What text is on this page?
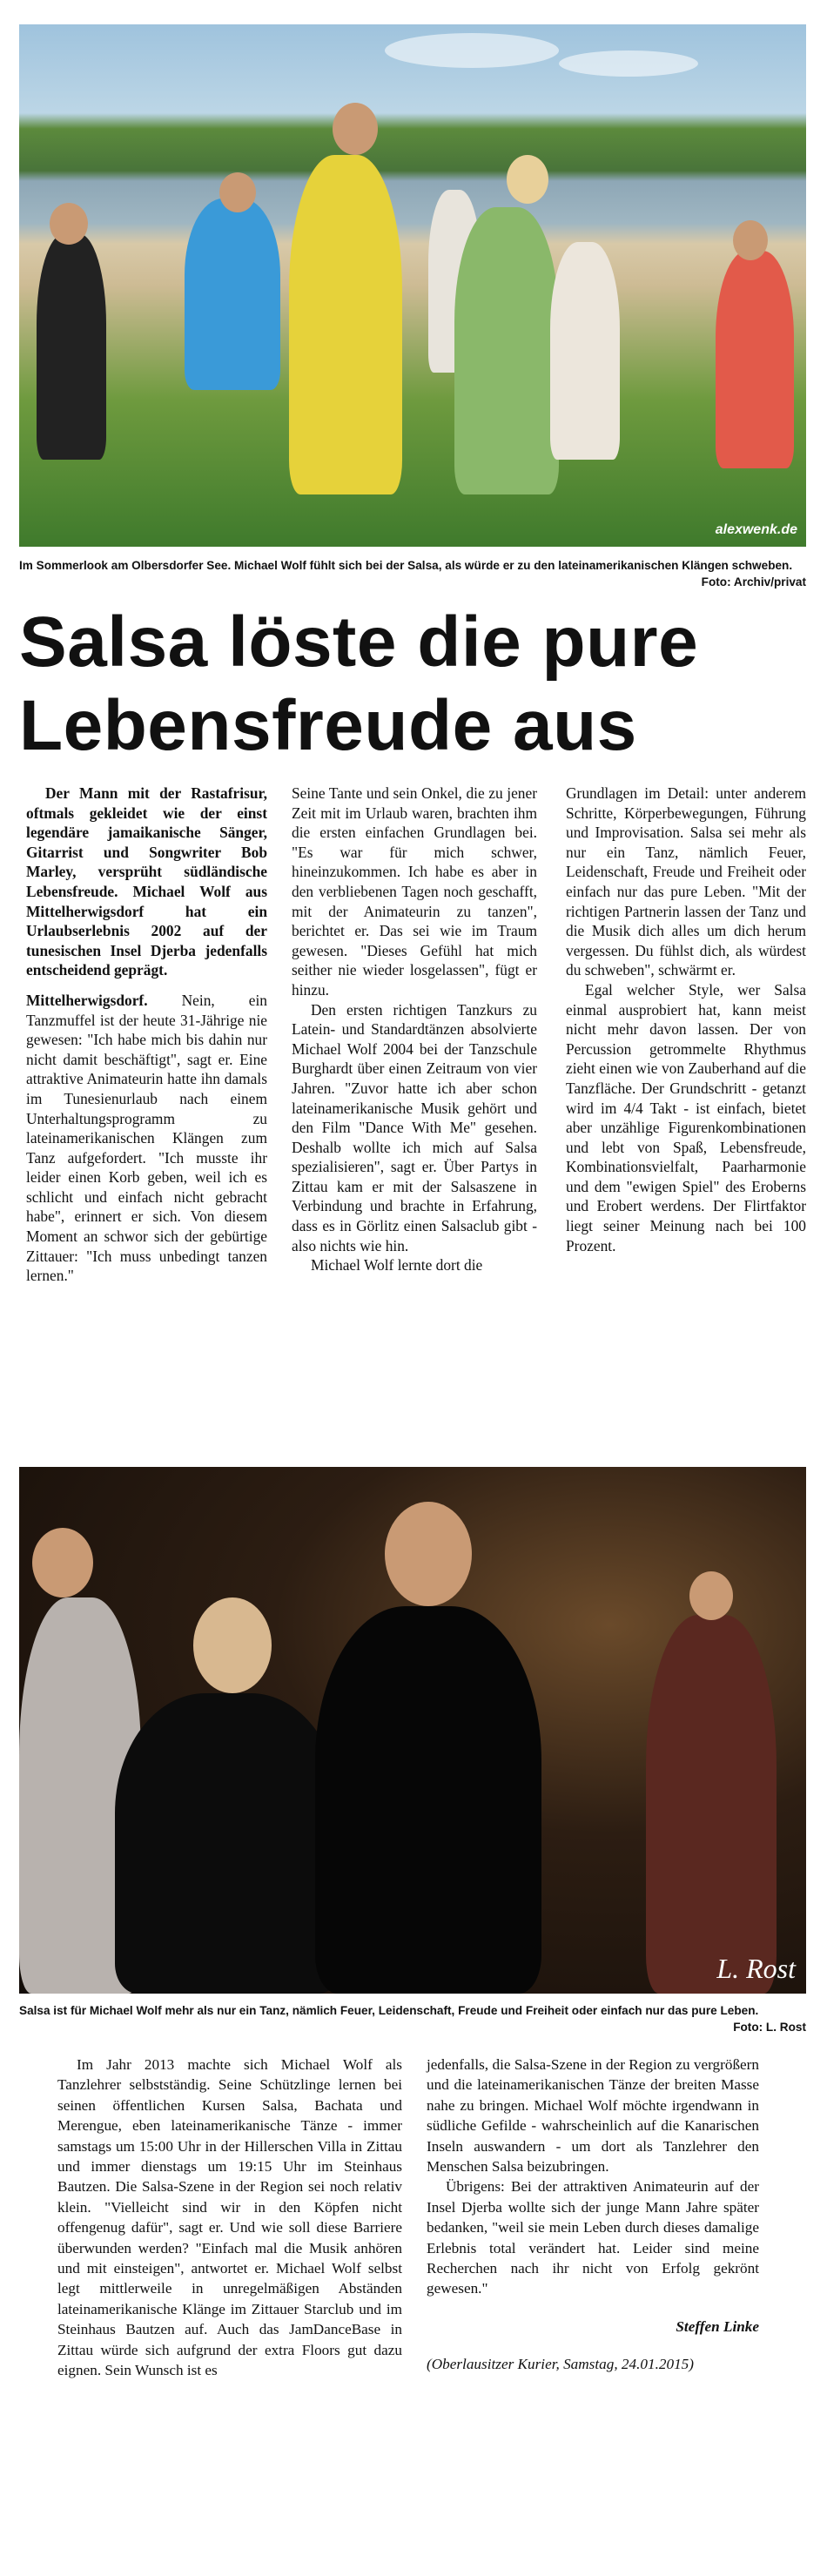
alexwenk.de
Im Sommerlook am Olbersdorfer See. Michael Wolf fühlt sich bei der Salsa, als würde er zu den lateinamerikanischen Klängen schweben.
Foto: Archiv/privat
Salsa löste die pure Lebensfreude aus

Der Mann mit der Rastafrisur, oftmals gekleidet wie der einst legendäre jamaikanische Sänger, Gitarrist und Songwriter Bob Marley, versprüht südländische Lebensfreude. Michael Wolf aus Mittelherwigsdorf hat ein Urlaubserlebnis 2002 auf der tunesischen Insel Djerba jedenfalls entscheidend geprägt.

Mittelherwigsdorf. Nein, ein Tanzmuffel ist der heute 31-Jährige nie gewesen: "Ich habe mich bis dahin nur nicht damit beschäftigt", sagt er. Eine attraktive Animateurin hatte ihn damals im Tunesienurlaub nach einem Unterhaltungsprogramm zu lateinamerikanischen Klängen zum Tanz aufgefordert. "Ich musste ihr leider einen Korb geben, weil ich es schlicht und einfach nicht gebracht habe", erinnert er sich. Von diesem Moment an schwor sich der gebürtige Zittauer: "Ich muss unbedingt tanzen lernen."

Seine Tante und sein Onkel, die zu jener Zeit mit im Urlaub waren, brachten ihm die ersten einfachen Grundlagen bei. "Es war für mich schwer, hineinzukommen. Ich habe es aber in den verbliebenen Tagen noch geschafft, mit der Animateurin zu tanzen", berichtet er. Das sei wie im Traum gewesen. "Dieses Gefühl hat mich seither nie wieder losgelassen", fügt er hinzu.

Den ersten richtigen Tanzkurs zu Latein- und Standardtänzen absolvierte Michael Wolf 2004 bei der Tanzschule Burghardt über einen Zeitraum von vier Jahren. "Zuvor hatte ich aber schon lateinamerikanische Musik gehört und den Film "Dance With Me" gesehen. Deshalb wollte ich mich auf Salsa spezialisieren", sagt er. Über Partys in Zittau kam er mit der Salsaszene in Verbindung und brachte in Erfahrung, dass es in Görlitz einen Salsaclub gibt - also nichts wie hin.

Michael Wolf lernte dort die

Grundlagen im Detail: unter anderem Schritte, Körperbewegungen, Führung und Improvisation. Salsa sei mehr als nur ein Tanz, nämlich Feuer, Leidenschaft, Freude und Freiheit oder einfach nur das pure Leben. "Mit der richtigen Partnerin lassen der Tanz und die Musik dich alles um dich herum vergessen. Du fühlst dich, als würdest du schweben", schwärmt er.

Egal welcher Style, wer Salsa einmal ausprobiert hat, kann meist nicht mehr davon lassen. Der von Percussion getrommelte Rhythmus zieht einen wie von Zauberhand auf die Tanzfläche. Der Grundschritt - getanzt wird im 4/4 Takt - ist einfach, bietet aber unzählige Figurenkombinationen und lebt von Spaß, Lebensfreude, Kombinationsvielfalt, Paarharmonie und dem "ewigen Spiel" des Eroberns und Erobert werdens. Der Flirtfaktor liegt seiner Meinung nach bei 100 Prozent.

L. Rost
Salsa ist für Michael Wolf mehr als nur ein Tanz, nämlich Feuer, Leidenschaft, Freude und Freiheit oder einfach nur das pure Leben.
Foto: L. Rost

Im Jahr 2013 machte sich Michael Wolf als Tanzlehrer selbstständig. Seine Schützlinge lernen bei seinen öffentlichen Kursen Salsa, Bachata und Merengue, eben lateinamerikanische Tänze - immer samstags um 15:00 Uhr in der Hillerschen Villa in Zittau und immer dienstags um 19:15 Uhr im Steinhaus Bautzen. Die Salsa-Szene in der Region sei noch relativ klein. "Vielleicht sind wir in den Köpfen nicht offengenug dafür", sagt er. Und wie soll diese Barriere überwunden werden? "Einfach mal die Musik anhören und mit einsteigen", antwortet er. Michael Wolf selbst legt mittlerweile in unregelmäßigen Abständen lateinamerikanische Klänge im Zittauer Starclub und im Steinhaus Bautzen auf. Auch das JamDanceBase in Zittau würde sich aufgrund der extra Floors gut dazu eignen. Sein Wunsch ist es

jedenfalls, die Salsa-Szene in der Region zu vergrößern und die lateinamerikanischen Tänze der breiten Masse nahe zu bringen. Michael Wolf möchte irgendwann in südliche Gefilde - wahrscheinlich auf die Kanarischen Inseln auswandern - um dort als Tanzlehrer den Menschen Salsa beizubringen.

Übrigens: Bei der attraktiven Animateurin auf der Insel Djerba wollte sich der junge Mann Jahre später bedanken, "weil sie mein Leben durch dieses damalige Erlebnis total verändert hat. Leider sind meine Recherchen nach ihr nicht von Erfolg gekrönt gewesen."

Steffen Linke

(Oberlausitzer Kurier, Samstag, 24.01.2015)
